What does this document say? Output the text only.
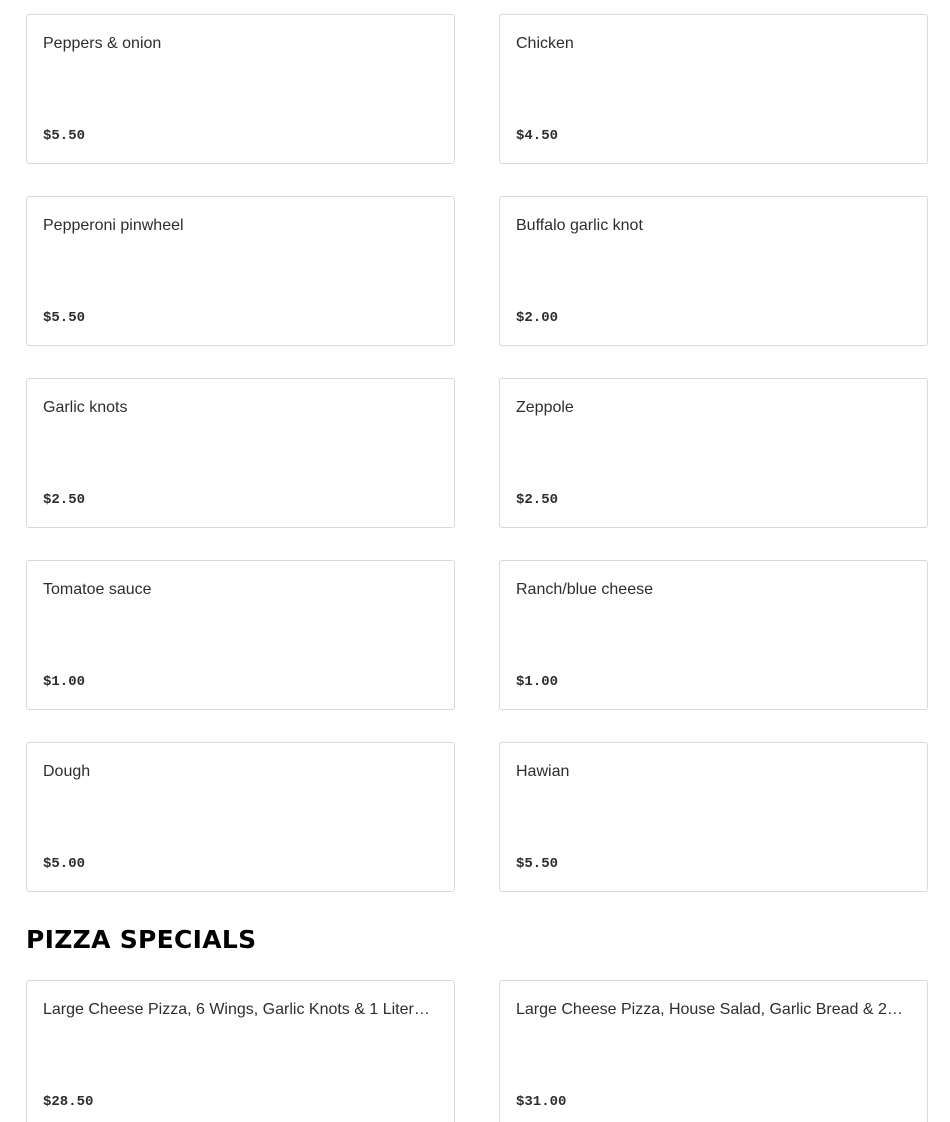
Peppers & onion
$5.50
Chicken
$4.50
Pepperoni pinwheel
$5.50
Buffalo garlic knot
$2.00
Garlic knots
$2.50
Zeppole
$2.50
Tomatoe sauce
$1.00
Ranch/blue cheese
$1.00
Dough
$5.00
Hawian
$5.50
PIZZA SPECIALS
Large Cheese Pizza, 6 Wings, Garlic Knots & 1 Liter…
$28.50
Large Cheese Pizza, House Salad, Garlic Bread & 2…
$31.00
